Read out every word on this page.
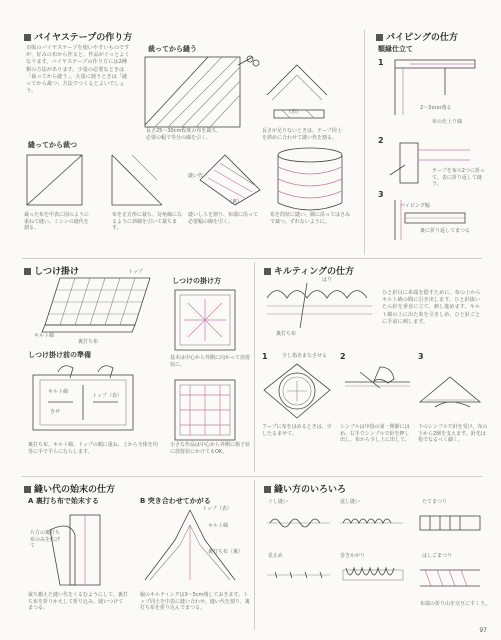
バイヤステープの作り方
市販のバイヤステープを使いやすいものですが、好みの布から作ると、作品がぐっとよくなります。バイヤステープの作り方には2種類の方法があります。少量の必要なときは「裁ってから縫う」、大量に使うときは「縫ってから裁つ」方法でつくるとよいでしょう。
裁ってから縫う
長さ25～30cm程度の布を裁ち、必要の幅で等分の線を引く。
(表)
長さが足りないときは、テープ同士を斜めに合わせて縫い代を割る。
縫ってから裁つ
裁った布を中表に図のように重ねて縫い、ミシンの縫代を割る。
布を正方形に裁ち、対角線になるように斜線を引いて裁ちます。
縫い代
(裏)
縫いしろを割り、布端に沿って必要幅の線を引く。
布を筒状に縫い、線に沿ってはさみで裁つ。ずれないように。
パイピングの仕方
額縁仕立て
1
2～3ｍｍ残る
布の仕上り線
2
テープを布の2つに折って、表に折り返して縫う。
3
パイピング幅
裏に折り返してまつる
しつけ掛け	トップ
キルト綿
裏打ち布
しつけ掛け前の準備
キルト綿
トップ（表）
きせ
裏打ち布、キルト綿、トップの順に重ね、上から全体を均等に手で平らにならします。
しつけの掛け方
基本は中心から外側に向かって放射状に。
小さな作品は中心から外側に格子状に放射状にかけてもOK。
キルティングの仕方
はり
裏打ち布
ひと針目に糸端を隠すために、布の上からキルト綿の間に引き出します。ひと針抜いたら針を垂直に立て、刺し進めます。キルト綿の上に出た糸を引きしめ、ひと針ごとに手前に刺します。
1	少し指あまなさせる
フープに布をはめるときは、少したるませて。
2
シンブルは中指の第一関節にはめ、右手でシンブルで針を押し出し、布から少し上に出して。
3
下のシンブルで針を受け、布の下から2層を支えます。針先は指でなるべく細く。
縫い代の始末の仕方
A 裏打ち布で始末する
片方の裏打ち布のみを広げて
裁ち揃えた縫い代をくるむようにして、裏打ち布を折りかえして折り込み、縫いつけてまつる。
B 突き合わせてかがる
トップ（表）
キルト綿
裏打ち布（裏）
脇のキルティングは3～5cm残しておきます。トップ同士を中表に縫い合わせ、縫い代を割り、裏打ち布を折り込んでまつる。
縫い方のいろいろ
ぐし縫い	返し縫い	たてまつり
星止め	巻きかがり	はしごまつり
布端の折り山を交互にすくう。
97
